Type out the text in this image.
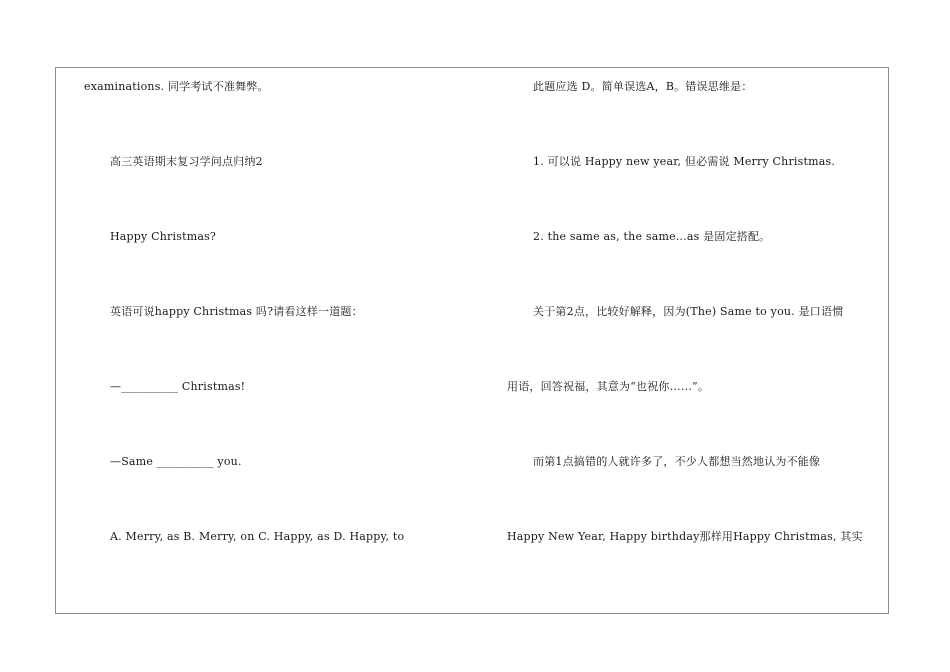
examinations. 同学考试不准舞弊。
高三英语期末复习学问点归纳2
Happy Christmas?
英语可说happy Christmas 吗?请看这样一道题：
—__________ Christmas!
—Same __________ you.
A. Merry, as B. Merry, on C. Happy, as D. Happy, to
此题应选 D。简单误选A，B。错误思维是：
1. 可以说 Happy new year, 但必需说 Merry Christmas.
2. the same as, the same...as 是固定搭配。
关于第2点，比较好解释，因为(The) Same to you. 是口语惯
用语，回答祝福，其意为“也祝你……”。
而第1点搞错的人就许多了，不少人都想当然地认为不能像
Happy New Year, Happy birthday那样用Happy Christmas, 其实
